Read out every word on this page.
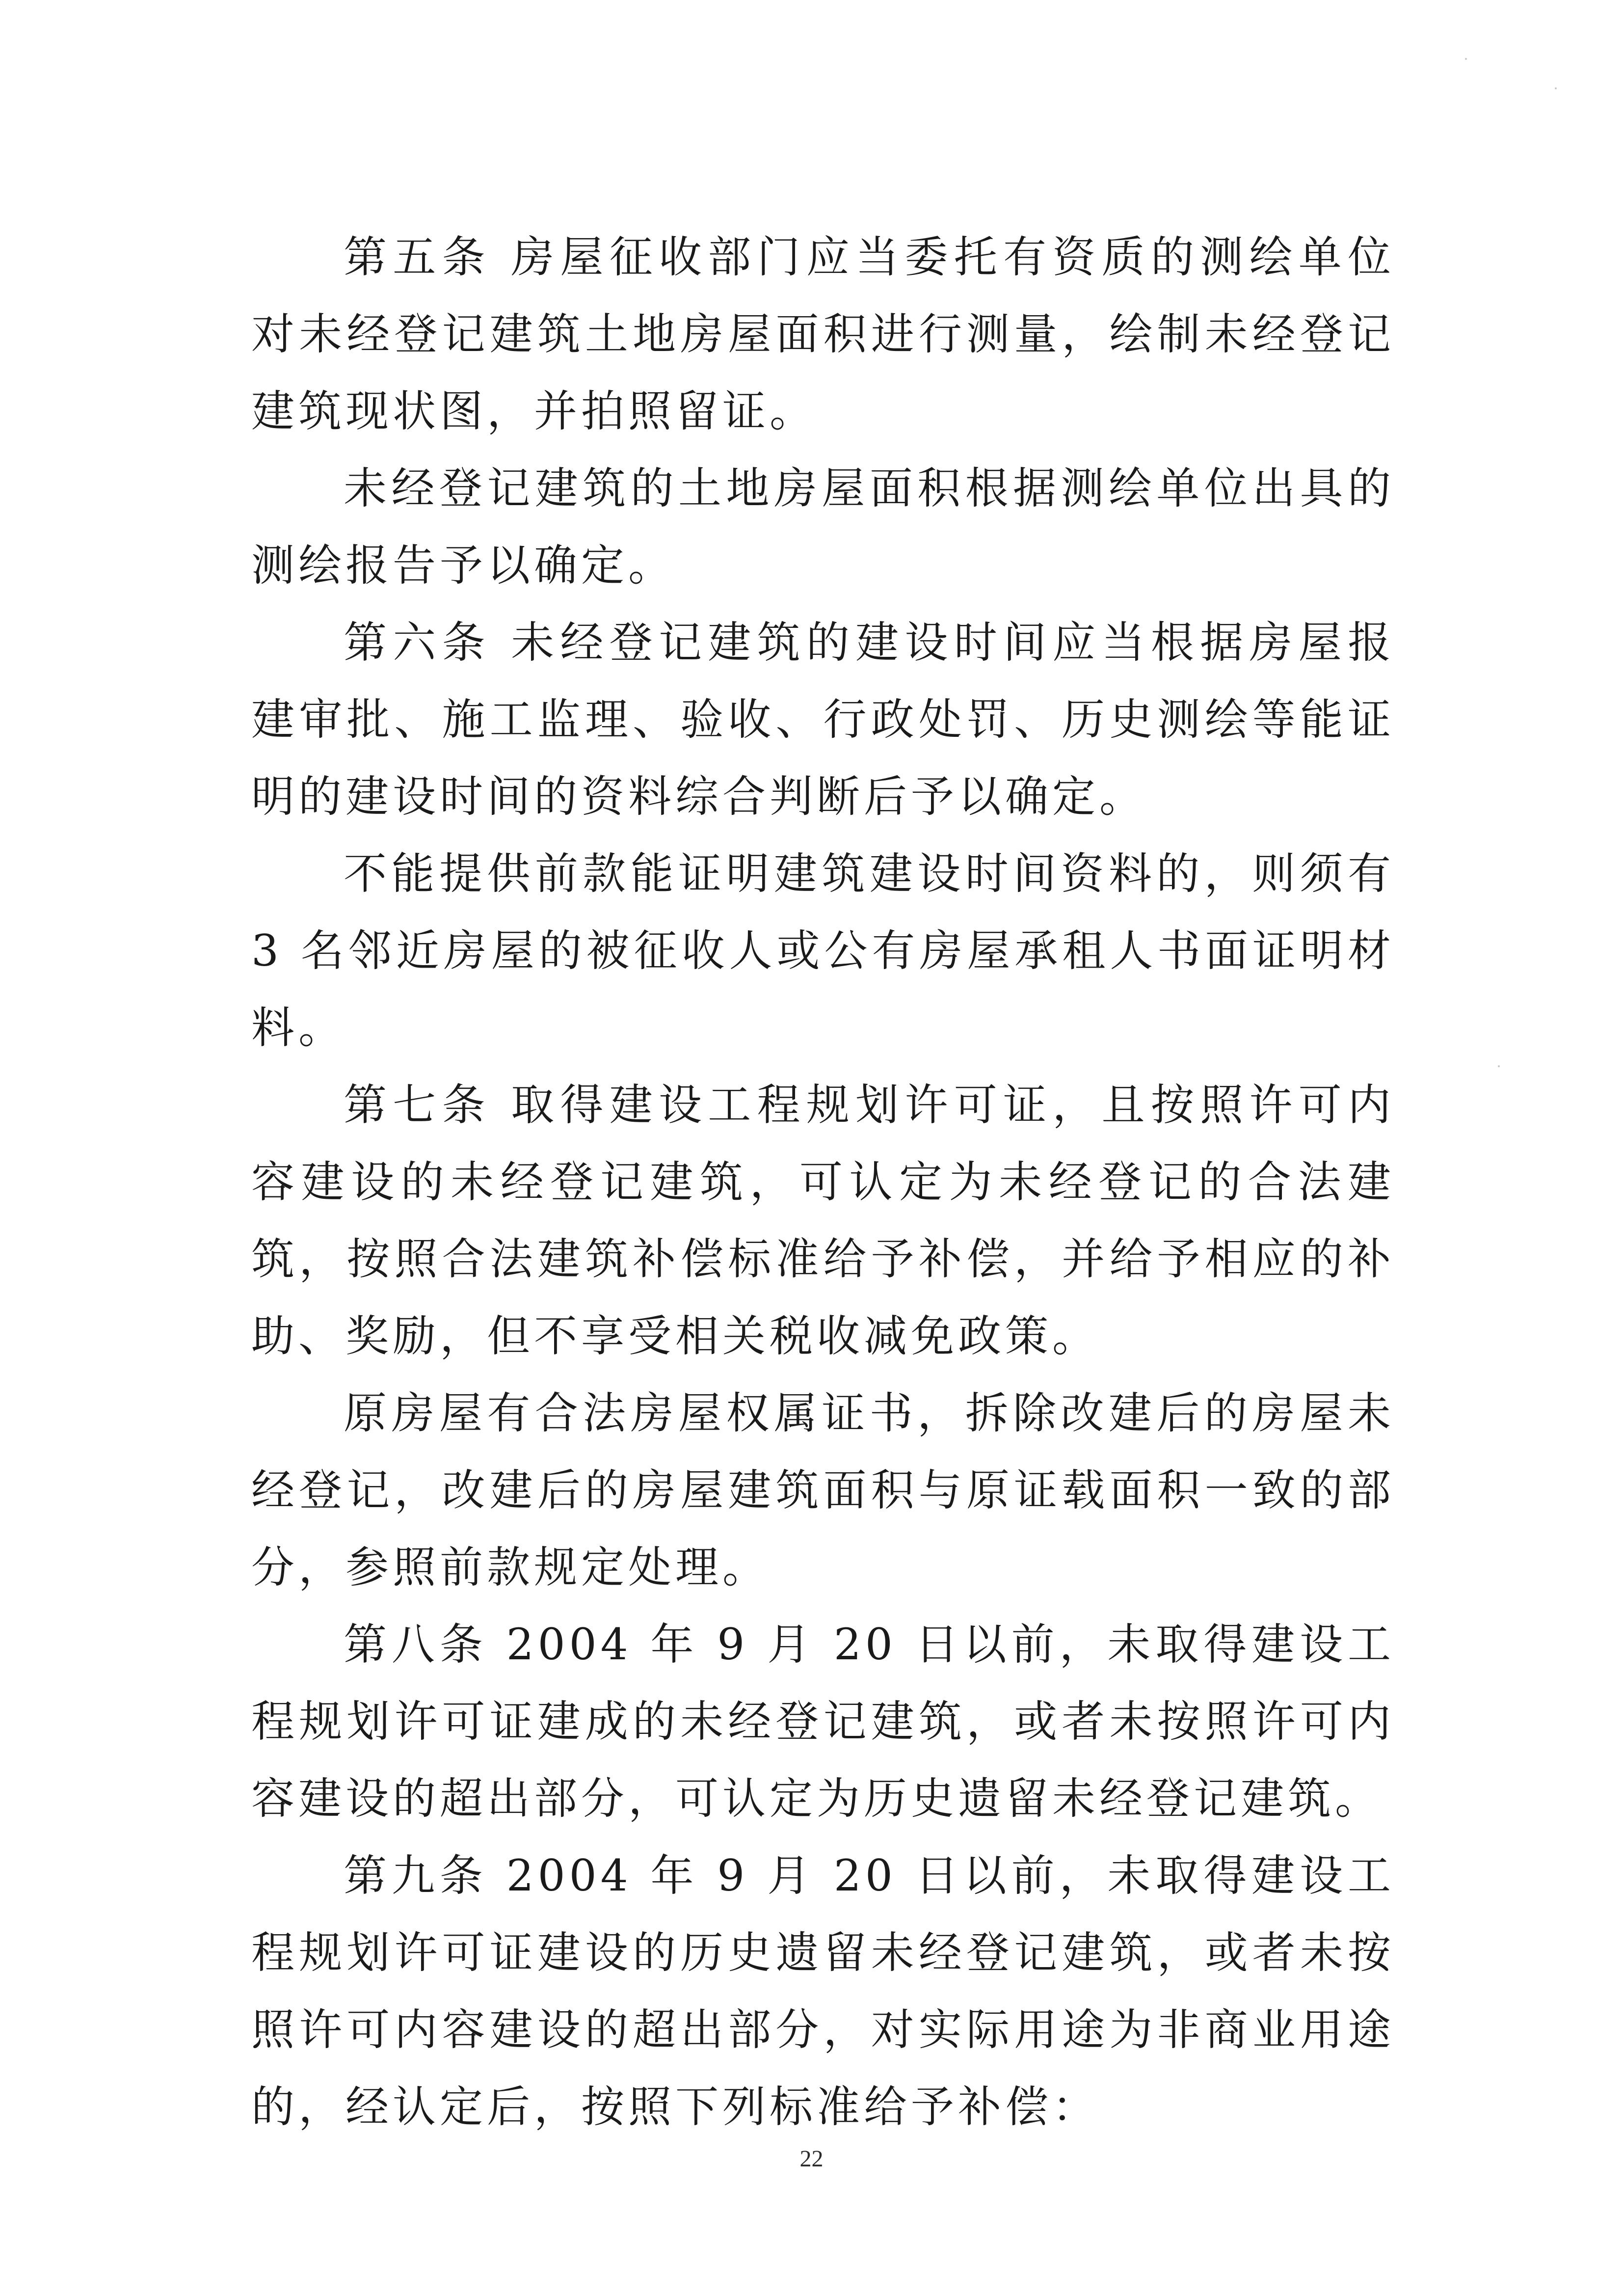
第五条 房屋征收部门应当委托有资质的测绘单位对未经登记建筑土地房屋面积进行测量，绘制未经登记建筑现状图，并拍照留证。

未经登记建筑的土地房屋面积根据测绘单位出具的测绘报告予以确定。

第六条 未经登记建筑的建设时间应当根据房屋报建审批、施工监理、验收、行政处罚、历史测绘等能证明的建设时间的资料综合判断后予以确定。

不能提供前款能证明建筑建设时间资料的，则须有 3 名邻近房屋的被征收人或公有房屋承租人书面证明材料。

第七条 取得建设工程规划许可证，且按照许可内容建设的未经登记建筑，可认定为未经登记的合法建筑，按照合法建筑补偿标准给予补偿，并给予相应的补助、奖励，但不享受相关税收减免政策。

原房屋有合法房屋权属证书，拆除改建后的房屋未经登记，改建后的房屋建筑面积与原证载面积一致的部分，参照前款规定处理。

第八条 2004 年 9 月 20 日以前，未取得建设工程规划许可证建成的未经登记建筑，或者未按照许可内容建设的超出部分，可认定为历史遗留未经登记建筑。

第九条 2004 年 9 月 20 日以前，未取得建设工程规划许可证建设的历史遗留未经登记建筑，或者未按照许可内容建设的超出部分，对实际用途为非商业用途的，经认定后，按照下列标准给予补偿：

22
